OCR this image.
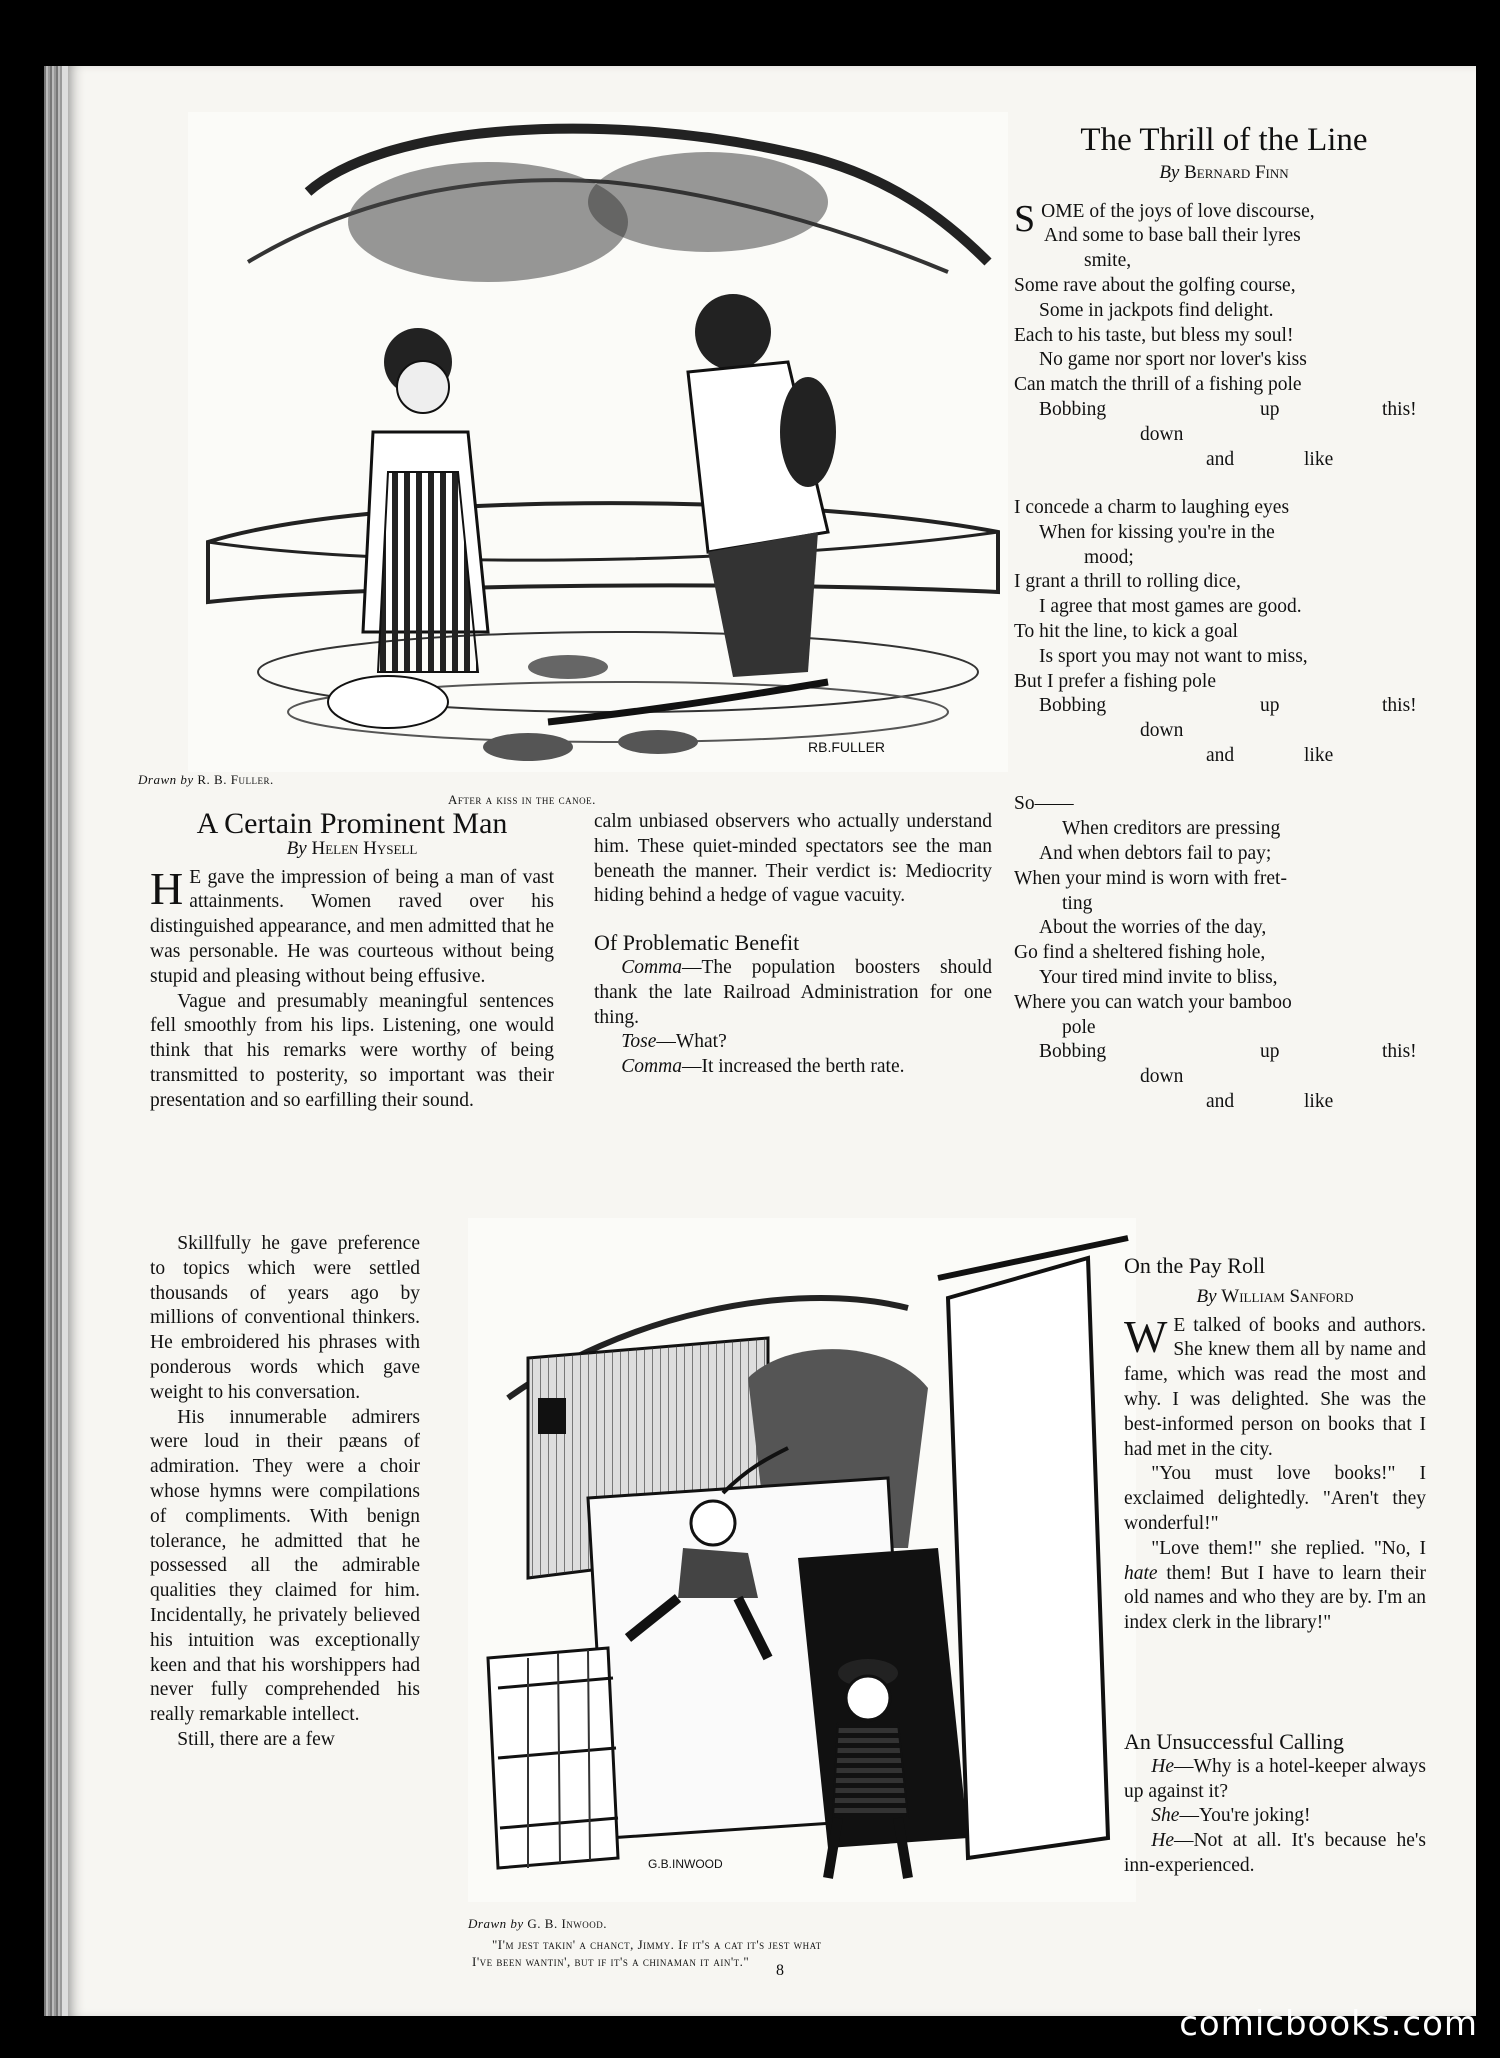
RB.FULLER
Drawn by R. B. Fuller.
After a kiss in the canoe.
The Thrill of the Line
By Bernard Finn
SOME of the joys of love discourse,
And some to base ball their lyres
smite,
Some rave about the golfing course,
Some in jackpots find delight.
Each to his taste, but bless my soul!
No game nor sport nor lover's kiss
Can match the thrill of a fishing pole
Bobbing	up	this!
down
and	like
I concede a charm to laughing eyes
When for kissing you're in the
mood;
I grant a thrill to rolling dice,
I agree that most games are good.
To hit the line, to kick a goal
Is sport you may not want to miss,
But I prefer a fishing pole
Bobbing	up	this!
down
and	like
So——
When creditors are pressing
And when debtors fail to pay;
When your mind is worn with fret-
ting
About the worries of the day,
Go find a sheltered fishing hole,
Your tired mind invite to bliss,
Where you can watch your bamboo
pole
Bobbing	up	this!
down
and	like
A Certain Prominent Man
By Helen Hysell

H E gave the impression of being a man of vast attainments. Women raved over his distinguished appearance, and men admitted that he was personable. He was courteous without being stupid and pleasing without being effusive.

Vague and presumably meaningful sentences fell smoothly from his lips. Listening, one would think that his remarks were worthy of being transmitted to posterity, so important was their presentation and so earfilling their sound.

Skillfully he gave preference to topics which were settled thousands of years ago by millions of conventional thinkers. He embroidered his phrases with ponderous words which gave weight to his conversation.

His innumerable admirers were loud in their pæans of admiration. They were a choir whose hymns were compilations of compliments. With benign tolerance, he admitted that he possessed all the admirable qualities they claimed for him. Incidentally, he privately believed his intuition was exceptionally keen and that his worshippers had never fully comprehended his really remarkable intellect.

Still, there are a few

calm unbiased observers who actually understand him. These quiet-minded spectators see the man beneath the manner. Their verdict is: Mediocrity hiding behind a hedge of vague vacuity.

Of Problematic Benefit

Comma—The population boosters should thank the late Railroad Administration for one thing.

Tose—What?

Comma—It increased the berth rate.

G.B.INWOOD
Drawn by G. B. Inwood.
"I'm jest takin' a chanct, Jimmy. If it's a cat it's jest what
I've been wantin', but if it's a chinaman it ain't."

On the Pay Roll

By William Sanford

W E talked of books and authors. She knew them all by name and fame, which was read the most and why. I was delighted. She was the best-informed person on books that I had met in the city.

"You must love books!" I exclaimed delightedly. "Aren't they wonderful!"

"Love them!" she replied. "No, I hate them! But I have to learn their old names and who they are by. I'm an index clerk in the library!"

An Unsuccessful Calling

He—Why is a hotel-keeper always up against it?

She—You're joking!

He—Not at all. It's because he's inn-experienced.

8
comicbooks.com
